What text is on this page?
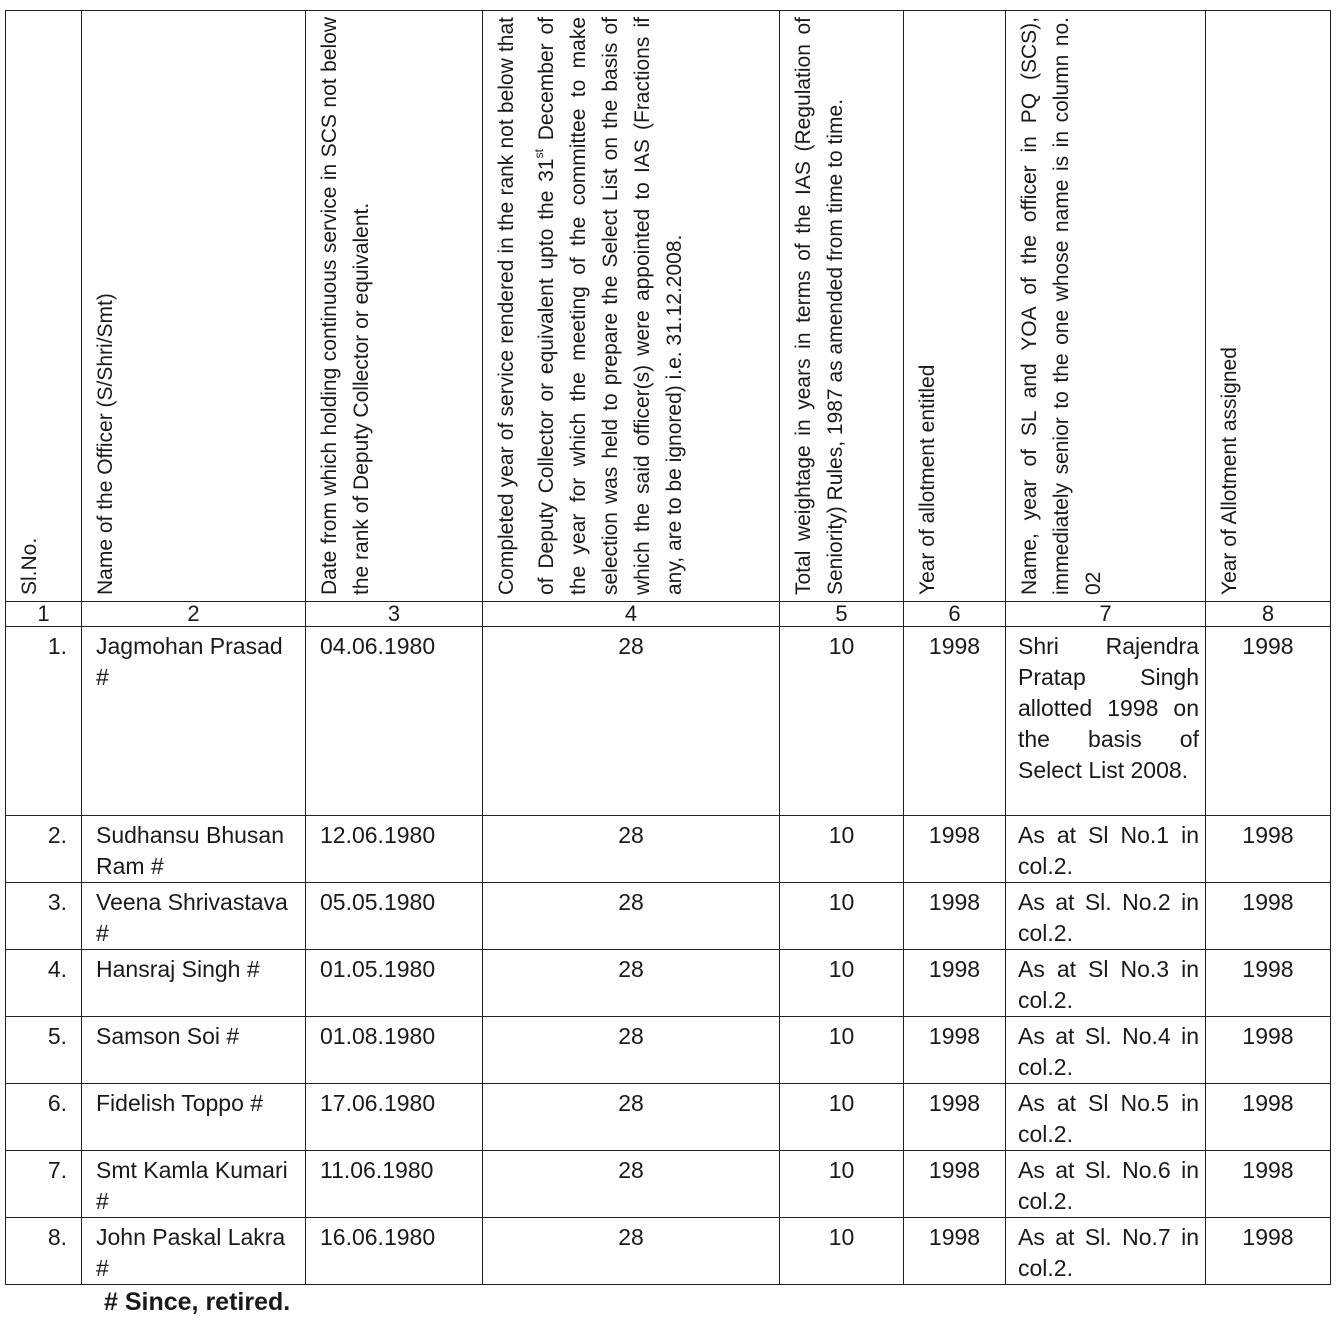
Sl.No.	Name of the Officer (S/Shri/Smt)	Date from which holding continuous service in SCS not below the rank of Deputy Collector or equivalent.	Completed year of service rendered in the rank not below that of Deputy Collector or equivalent upto the 31st December of the year for which the meeting of the committee to make selection was held to prepare the Select List on the basis of which the said officer(s) were appointed to IAS (Fractions if any, are to be ignored) i.e. 31.12.2008.	Total weightage in years in terms of the IAS (Regulation of Seniority) Rules, 1987 as amended from time to time.	Year of allotment entitled	Name, year of SL and YOA of the officer in PQ (SCS), immediately senior to the one whose name is in column no. 02	Year of Allotment assigned

1	2	3	4	5	6	7	8
1.	Jagmohan Prasad #	04.06.1980	28	10	1998	Shri Rajendra Pratap Singh allotted 1998 on the basis of Select List 2008.	1998
2.	Sudhansu Bhusan Ram #	12.06.1980	28	10	1998	As at Sl No.1 in col.2.	1998
3.	Veena Shrivastava #	05.05.1980	28	10	1998	As at Sl. No.2 in col.2.	1998
4.	Hansraj Singh #	01.05.1980	28	10	1998	As at Sl No.3 in col.2.	1998
5.	Samson Soi #	01.08.1980	28	10	1998	As at Sl. No.4 in col.2.	1998
6.	Fidelish Toppo #	17.06.1980	28	10	1998	As at Sl No.5 in col.2.	1998
7.	Smt Kamla Kumari #	11.06.1980	28	10	1998	As at Sl. No.6 in col.2.	1998
8.	John Paskal Lakra #	16.06.1980	28	10	1998	As at Sl. No.7 in col.2.	1998
# Since, retired.
